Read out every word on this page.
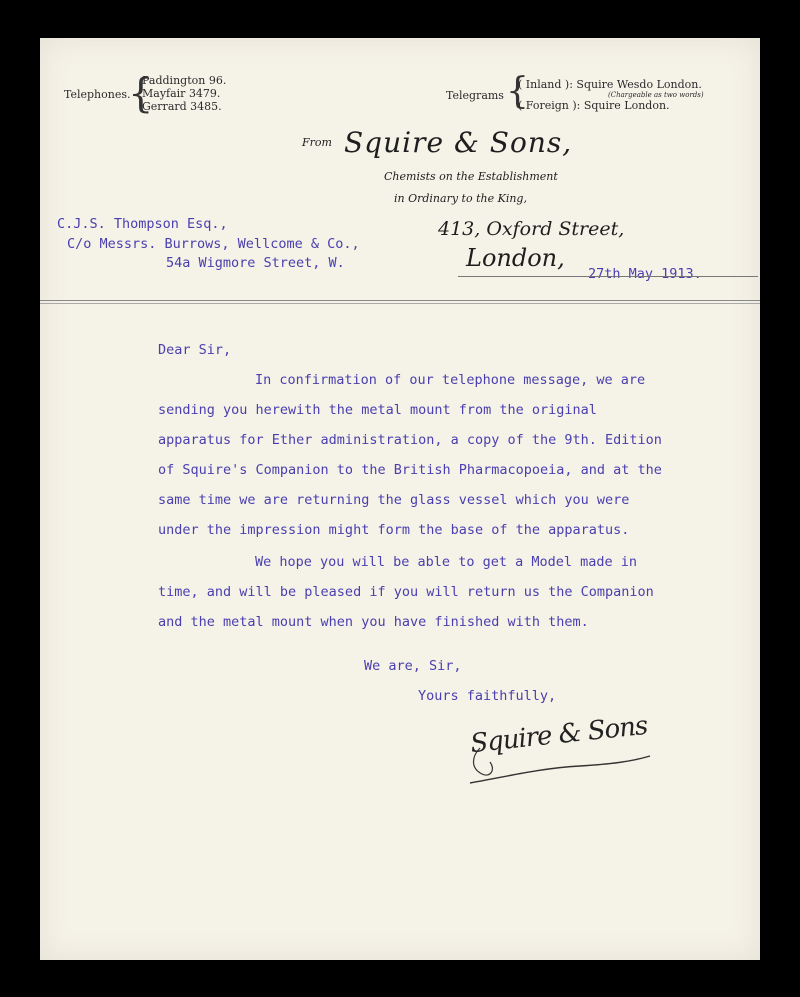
Telephones.
{
Paddington 96.
Mayfair 3479.
Gerrard 3485.
Telegrams {
( Inland ): Squire Wesdo London.
(Chargeable as two words)
( Foreign ): Squire London.
From Squire & Sons,
Chemists on the Establishment
in Ordinary to the King,
413, Oxford Street,
London,
C.J.S. Thompson Esq.,
C/o Messrs. Burrows, Wellcome & Co.,
54a Wigmore Street, W.
27th May 1913.
Dear Sir,
In confirmation of our telephone message, we are
sending you herewith the metal mount from the original
apparatus for Ether administration, a copy of the 9th. Edition
of Squire's Companion to the British Pharmacopoeia, and at the
same time we are returning the glass vessel which you were
under the impression might form the base of the apparatus.
We hope you will be able to get a Model made in
time, and will be pleased if you will return us the Companion
and the metal mount when you have finished with them.
We are, Sir,
Yours faithfully,
Squire & Sons
